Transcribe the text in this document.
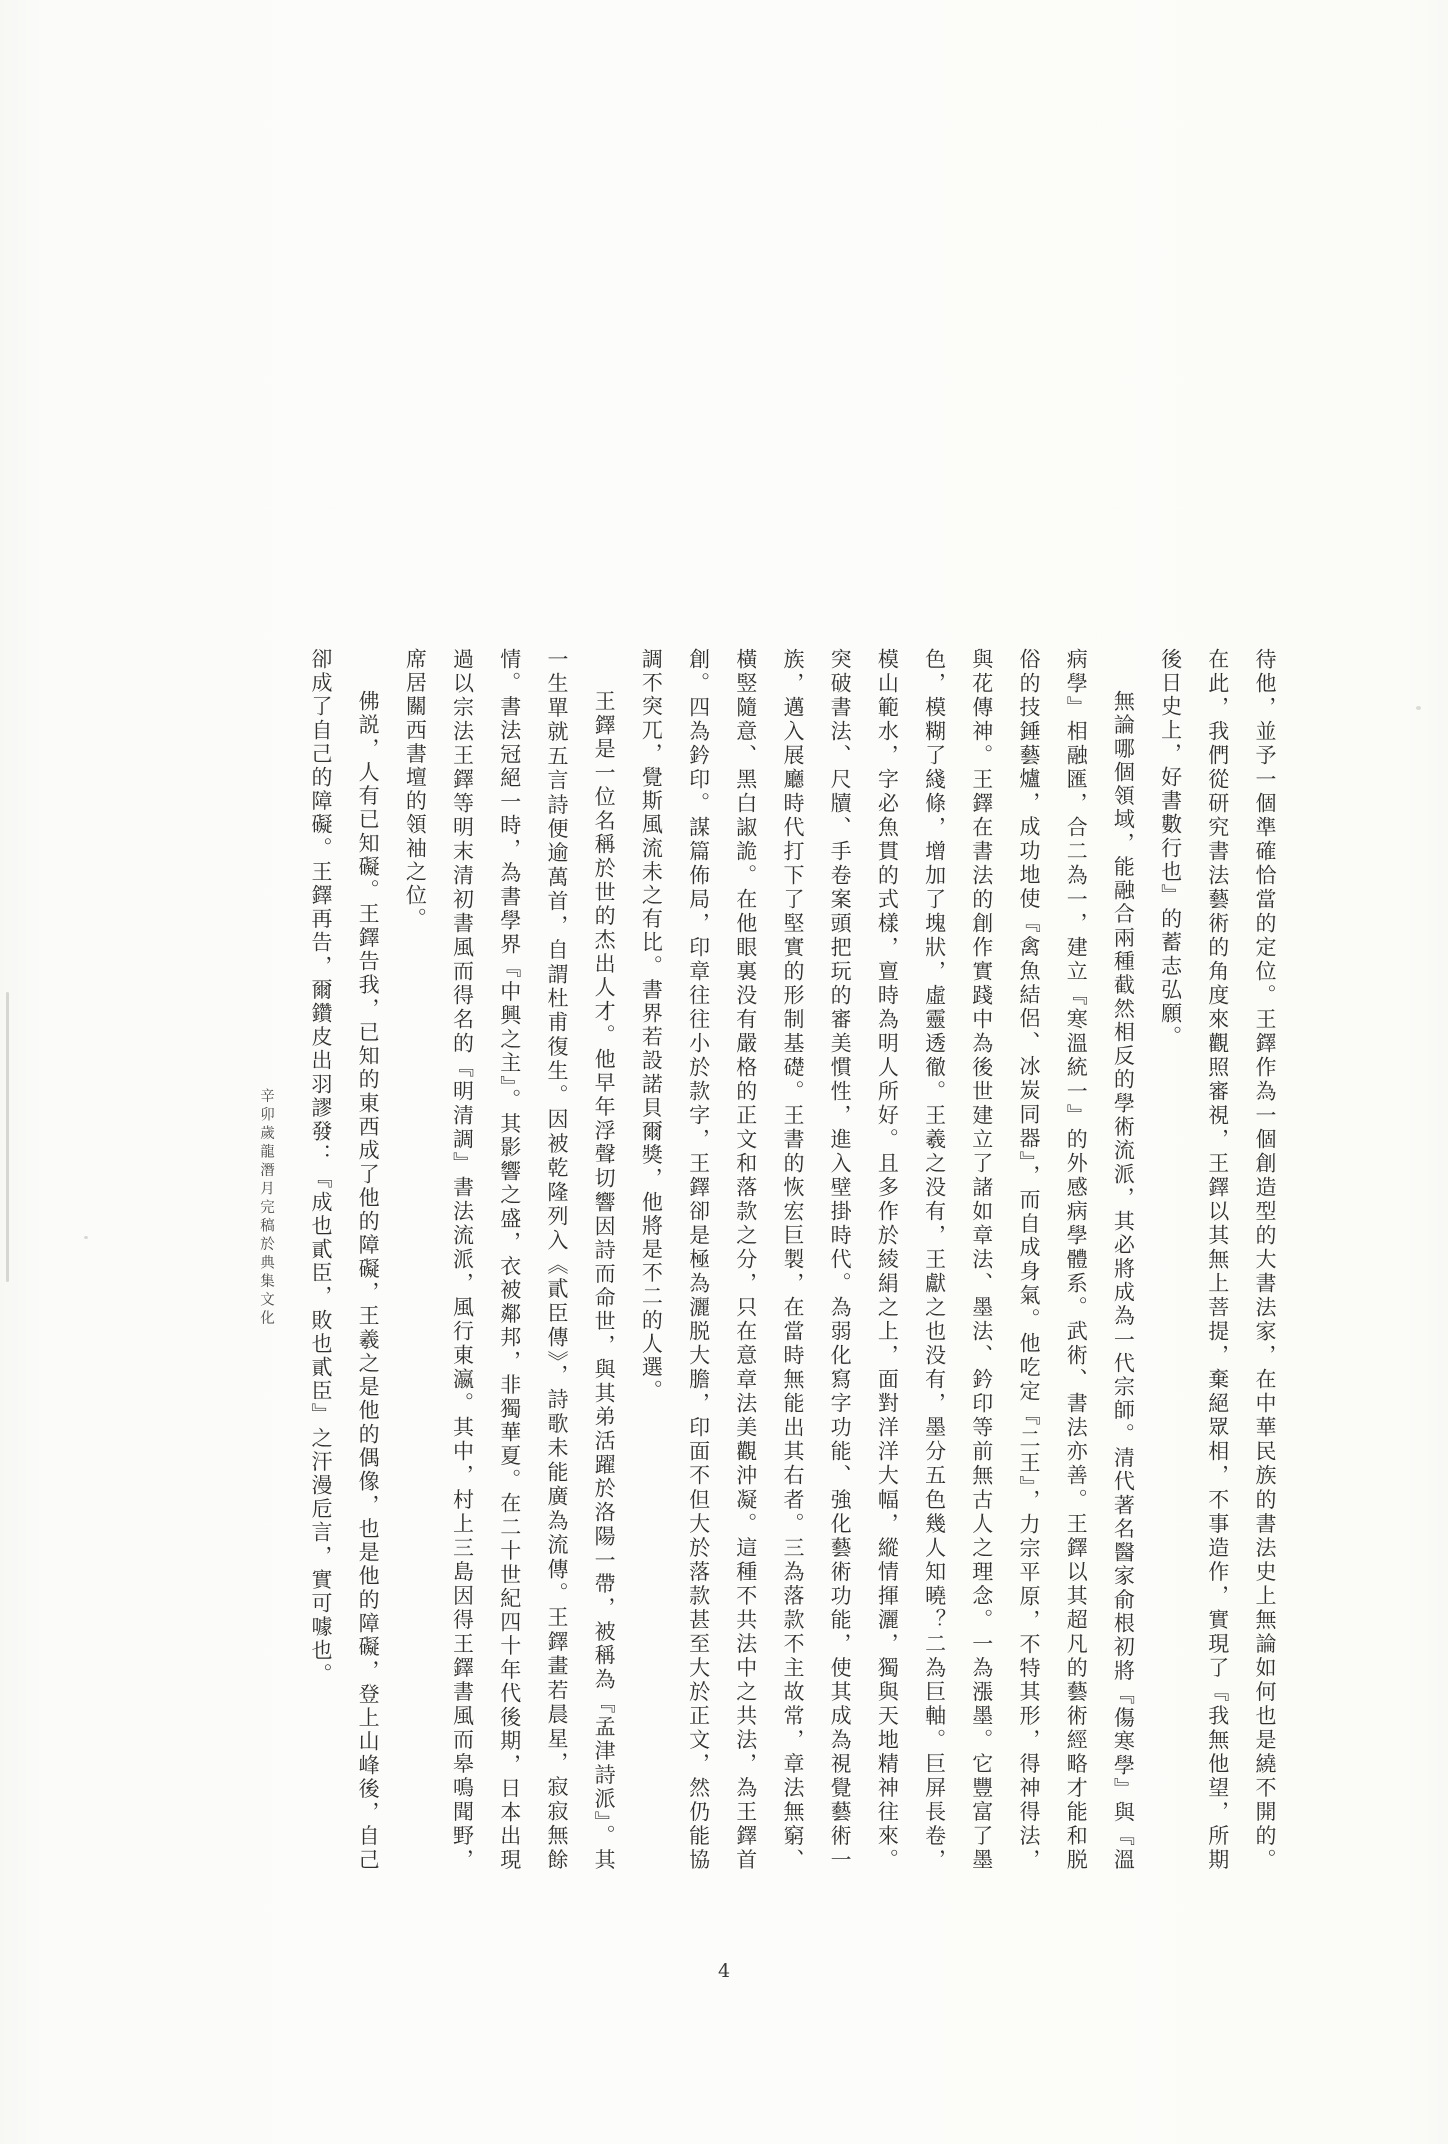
待他，並予一個準確恰當的定位。王鐸作為一個創造型的大書法家，在中華民族的書法史上無論如何也是繞不開的。在此，我們從研究書法藝術的角度來觀照審視，王鐸以其無上菩提，棄絕眾相，不事造作，實現了『我無他望，所期後日史上，好書數行也』的蓄志弘願。

無論哪個領域，能融合兩種截然相反的學術流派，其必將成為一代宗師。清代著名醫家俞根初將『傷寒學』與『溫病學』相融匯，合二為一，建立『寒溫統一』的外感病學體系。武術、書法亦善。王鐸以其超凡的藝術經略才能和脱俗的技錘藝爐，成功地使『禽魚結侶、冰炭同器』，而自成身氣。他吃定『二王』，力宗平原，不特其形，得神得法，與花傳神。王鐸在書法的創作實踐中為後世建立了諸如章法、墨法、鈐印等前無古人之理念。一為漲墨。它豐富了墨色，模糊了綫條，增加了塊狀，虛靈透徹。王羲之没有，王獻之也没有，墨分五色幾人知曉？二為巨軸。巨屏長卷，模山範水，字必魚貫的式樣，亶時為明人所好。且多作於綾絹之上，面對洋洋大幅，縱情揮灑，獨與天地精神往來。突破書法、尺牘、手卷案頭把玩的審美慣性，進入壁掛時代。為弱化寫字功能、強化藝術功能，使其成為視覺藝術一族，邁入展廳時代打下了堅實的形制基礎。王書的恢宏巨製，在當時無能出其右者。三為落款不主故常，章法無窮、橫竪隨意、黑白諔詭。在他眼裏没有嚴格的正文和落款之分，只在意章法美觀沖凝。這種不共法中之共法，為王鐸首創。四為鈐印。謀篇佈局，印章往往小於款字，王鐸卻是極為灑脱大膽，印面不但大於落款甚至大於正文，然仍能協調不突兀，覺斯風流未之有比。書界若設諾貝爾獎，他將是不二的人選。

王鐸是一位名稱於世的杰出人才。他早年浮聲切響因詩而命世，與其弟活躍於洛陽一帶，被稱為『孟津詩派』。其一生單就五言詩便逾萬首，自謂杜甫復生。因被乾隆列入《貳臣傳》，詩歌未能廣為流傳。王鐸畫若晨星，寂寂無餘情。書法冠絕一時，為書學界『中興之主』。其影響之盛，衣被鄰邦，非獨華夏。在二十世紀四十年代後期，日本出現過以宗法王鐸等明末清初書風而得名的『明清調』書法流派，風行東瀛。其中，村上三島因得王鐸書風而皋鳴聞野，席居關西書壇的領袖之位。

佛説，人有已知礙。王鐸告我，已知的東西成了他的障礙，王羲之是他的偶像，也是他的障礙，登上山峰後，自己卻成了自己的障礙。王鐸再告，爾鑽皮出羽謬發：『成也貳臣，敗也貳臣』之汗漫卮言，實可噱也。

辛卯歲龍潛月完稿於典集文化
4
